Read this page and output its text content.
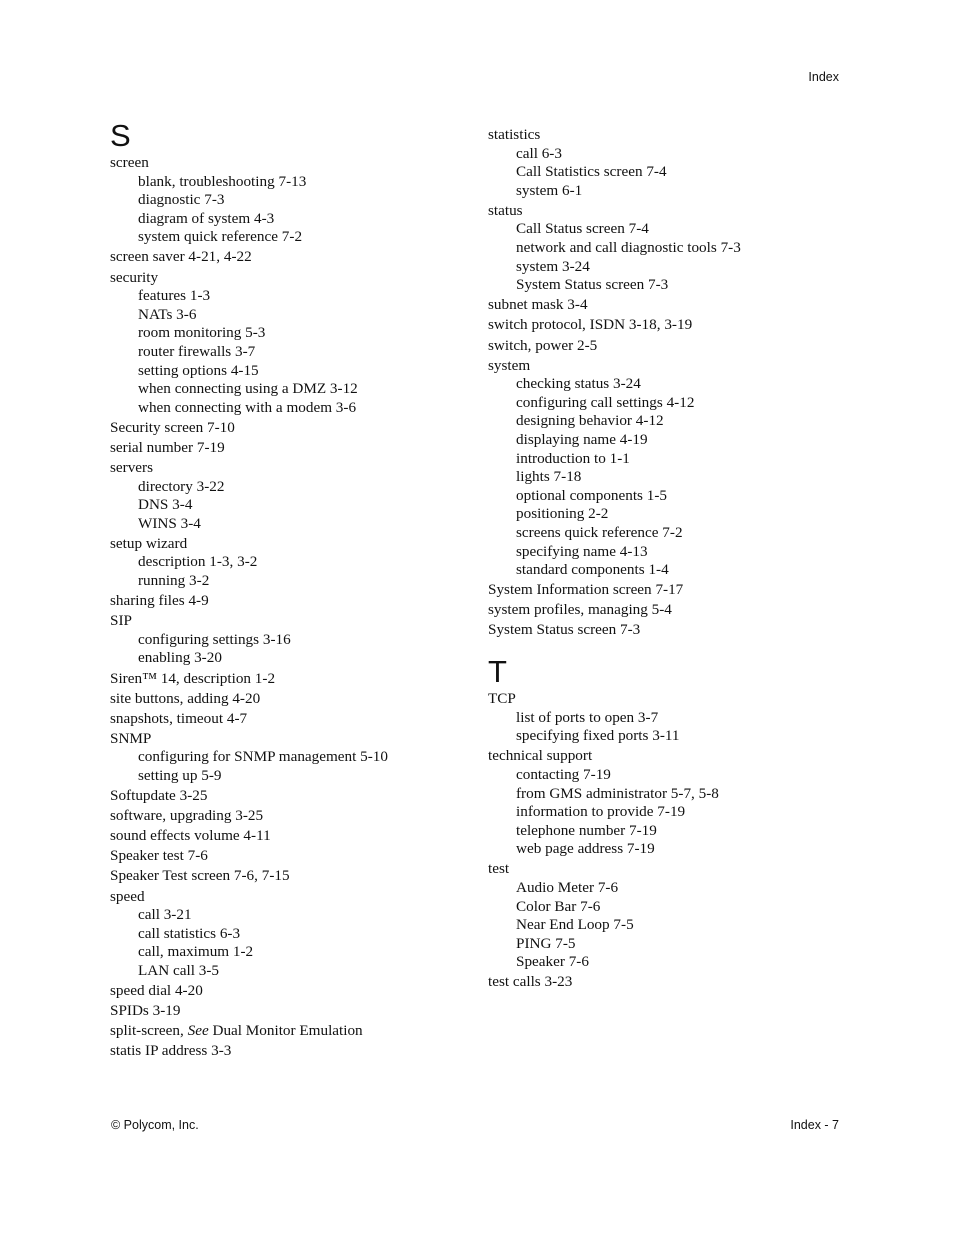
Index
S
screen
blank, troubleshooting 7-13
diagnostic 7-3
diagram of system 4-3
system quick reference 7-2
screen saver 4-21, 4-22
security
features 1-3
NATs 3-6
room monitoring 5-3
router firewalls 3-7
setting options 4-15
when connecting using a DMZ 3-12
when connecting with a modem 3-6
Security screen 7-10
serial number 7-19
servers
directory 3-22
DNS 3-4
WINS 3-4
setup wizard
description 1-3, 3-2
running 3-2
sharing files 4-9
SIP
configuring settings 3-16
enabling 3-20
Siren™ 14, description 1-2
site buttons, adding 4-20
snapshots, timeout 4-7
SNMP
configuring for SNMP management 5-10
setting up 5-9
Softupdate 3-25
software, upgrading 3-25
sound effects volume 4-11
Speaker test 7-6
Speaker Test screen 7-6, 7-15
speed
call 3-21
call statistics 6-3
call, maximum 1-2
LAN call 3-5
speed dial 4-20
SPIDs 3-19
split-screen, See Dual Monitor Emulation
statis IP address 3-3
statistics
call 6-3
Call Statistics screen 7-4
system 6-1
status
Call Status screen 7-4
network and call diagnostic tools 7-3
system 3-24
System Status screen 7-3
subnet mask 3-4
switch protocol, ISDN 3-18, 3-19
switch, power 2-5
system
checking status 3-24
configuring call settings 4-12
designing behavior 4-12
displaying name 4-19
introduction to 1-1
lights 7-18
optional components 1-5
positioning 2-2
screens quick reference 7-2
specifying name 4-13
standard components 1-4
System Information screen 7-17
system profiles, managing 5-4
System Status screen 7-3
T
TCP
list of ports to open 3-7
specifying fixed ports 3-11
technical support
contacting 7-19
from GMS administrator 5-7, 5-8
information to provide 7-19
telephone number 7-19
web page address 7-19
test
Audio Meter 7-6
Color Bar 7-6
Near End Loop 7-5
PING 7-5
Speaker 7-6
test calls 3-23
© Polycom, Inc.	Index - 7
